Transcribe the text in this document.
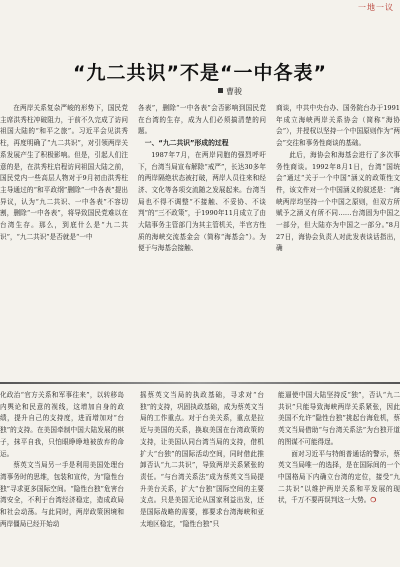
一地一议
“九二共识”不是“一中各表”
曹骏

在两岸关系复杂严峻的形势下，国民党主席洪秀柱冲破阻力，于前不久完成了访问祖国大陆的“和平之旅”。习近平会见洪秀柱，再度明确了“九二共识”，对引领两岸关系发展产生了积极影响。但是，引起人们注意的是，在洪秀柱启程访问祖国大陆之前，国民党内一些高层人物对于9月初由洪秀柱主导通过的“和平政纲”删除“一中各表”提出异议，认为“九二共识、一中各表”不容切割，删除“一中各表”，将导致国民党难以在台湾生存。那么，到底什么是“九二共识”，“九二共识”是否就是“一中

各表”，删除“一中各表”会否影响到国民党在台湾的生存，成为人们必须搞清楚的问题。

一、“九二共识”形成的过程

1987年7月，在两岸同胞的强烈呼吁下，台湾当局宣布解除“戒严”，长达30多年的两岸隔绝状态被打破，两岸人员往来和经济、文化等各项交流随之发展起来。台湾当局也不得不调整“不接触、不妥协、不谈判”的“三不政策”，于1990年11月成立了由大陆事务主管部门为其主管机关，半官方性质的海峡交流基金会（简称“海基会”）。为便于与海基会接触、

商谈，中共中央台办、国务院台办于1991年成立海峡两岸关系协会（简称“海协会”），并授权以坚持一个中国原则作为“两会”交往和事务性商谈的基础。

此后，海协会和海基会进行了多次事务性商谈。1992年8月1日，台湾“国统会”通过“关于一个中国”涵义的政策性文件，该文件对一个中国涵义的叙述是：“海峡两岸均坚持一个中国之原则，但双方所赋予之涵义有所不同……台湾固为中国之一部分，但大陆亦为中国之一部分。”8月27日，海协会负责人对此发表谈话指出，确

化政治“官方关系和军事往来”，以转移岛内舆论和民意的视线，这增加自身的政绩，提升自己的支持度，进而增加对“台独”的支持。在美国牵制中国大陆发展的棋子，抹平自我，只怕眼睁睁地被放弃的命运。

蔡英文当局另一手是利用美国处理台湾事务时的思维，包装和宣传，为“隐性台独”寻求更多国际空间。“隐性台独”危害台湾安全，不利于台湾经济稳定，造成政局和社会动荡。与此同时，两岸政策困境和两岸僵局已经开始动

摇蔡英文当局的执政基础，寻求对“台独”的支持，巩固执政基础，成为蔡英文当局的工作重点。对于台美关系，重点是拉近与美国的关系，换取美国在台湾政策的支持，让美国认同台湾当局的支持，借机扩大“台独”的国际活动空间，同时借此推卸否认“九二共识”，导致两岸关系紧张的责任。“与台湾关系法”成为蔡英文当局提升美台关系，扩大“台独”国际空间的主要支点。只是美国无论从国家利益出发，还是国际战略的需要，都要求台湾海峡和亚太地区稳定，“隐性台独”只

能逼使中国大陆坚持反“独”，否认“九二共识”只能导致海峡两岸关系紧张，因此美国不允许“隐性台独”挑起台海危机，蔡英文当局借助“与台湾关系法”为台独开道的图谋不可能得逞。

面对习近平与特朗普通话的警示，蔡英文当局唯一的选择，是在国际间的一个中国格局下内确立台湾的定位，接受“九二共识”以维护两岸关系和平发展的现状，千万不要再误判这一大势。❍
